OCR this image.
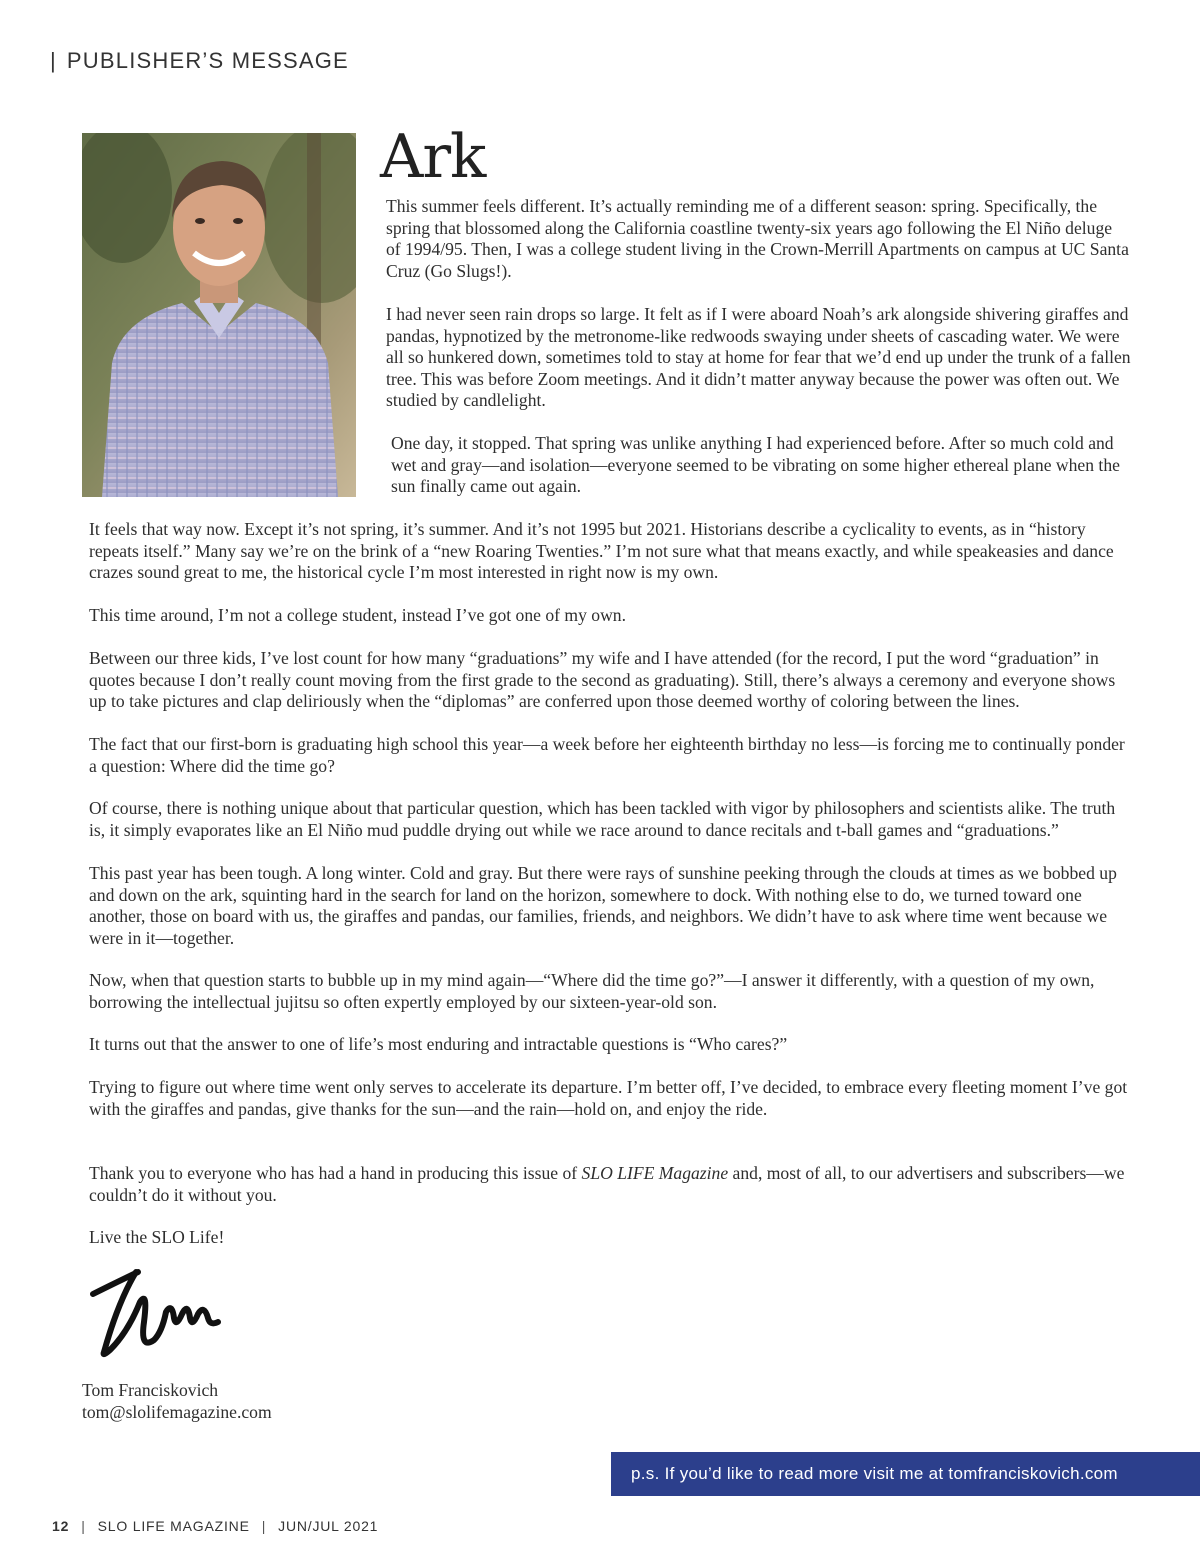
| PUBLISHER’S MESSAGE
Ark

This summer feels different. It’s actually reminding me of a different season: spring. Specifically, the spring that blossomed along the California coastline twenty-six years ago following the El Niño deluge of 1994/95. Then, I was a college student living in the Crown-Merrill Apartments on campus at UC Santa Cruz (Go Slugs!).

I had never seen rain drops so large. It felt as if I were aboard Noah’s ark alongside shivering giraffes and pandas, hypnotized by the metronome-like redwoods swaying under sheets of cascading water. We were all so hunkered down, sometimes told to stay at home for fear that we’d end up under the trunk of a fallen tree. This was before Zoom meetings. And it didn’t matter anyway because the power was often out. We studied by candlelight.

One day, it stopped. That spring was unlike anything I had experienced before. After so much cold and wet and gray—and isolation—everyone seemed to be vibrating on some higher ethereal plane when the sun finally came out again.

It feels that way now. Except it’s not spring, it’s summer. And it’s not 1995 but 2021. Historians describe a cyclicality to events, as in “history repeats itself.” Many say we’re on the brink of a “new Roaring Twenties.” I’m not sure what that means exactly, and while speakeasies and dance crazes sound great to me, the historical cycle I’m most interested in right now is my own.

This time around, I’m not a college student, instead I’ve got one of my own.

Between our three kids, I’ve lost count for how many “graduations” my wife and I have attended (for the record, I put the word “graduation” in quotes because I don’t really count moving from the first grade to the second as graduating). Still, there’s always a ceremony and everyone shows up to take pictures and clap deliriously when the “diplomas” are conferred upon those deemed worthy of coloring between the lines.

The fact that our first-born is graduating high school this year—a week before her eighteenth birthday no less—is forcing me to continually ponder a question: Where did the time go?

Of course, there is nothing unique about that particular question, which has been tackled with vigor by philosophers and scientists alike. The truth is, it simply evaporates like an El Niño mud puddle drying out while we race around to dance recitals and t-ball games and “graduations.”

This past year has been tough. A long winter. Cold and gray. But there were rays of sunshine peeking through the clouds at times as we bobbed up and down on the ark, squinting hard in the search for land on the horizon, somewhere to dock. With nothing else to do, we turned toward one another, those on board with us, the giraffes and pandas, our families, friends, and neighbors. We didn’t have to ask where time went because we were in it—together.

Now, when that question starts to bubble up in my mind again—“Where did the time go?”—I answer it differently, with a question of my own, borrowing the intellectual jujitsu so often expertly employed by our sixteen-year-old son.

It turns out that the answer to one of life’s most enduring and intractable questions is “Who cares?”

Trying to figure out where time went only serves to accelerate its departure. I’m better off, I’ve decided, to embrace every fleeting moment I’ve got with the giraffes and pandas, give thanks for the sun—and the rain—hold on, and enjoy the ride.

Thank you to everyone who has had a hand in producing this issue of SLO LIFE Magazine and, most of all, to our advertisers and subscribers—we couldn’t do it without you.

Live the SLO Life!

Tom Franciskovich
tom@slolifemagazine.com
p.s. If you’d like to read more visit me at tomfranciskovich.com
12 | SLO LIFE MAGAZINE | JUN/JUL 2021
